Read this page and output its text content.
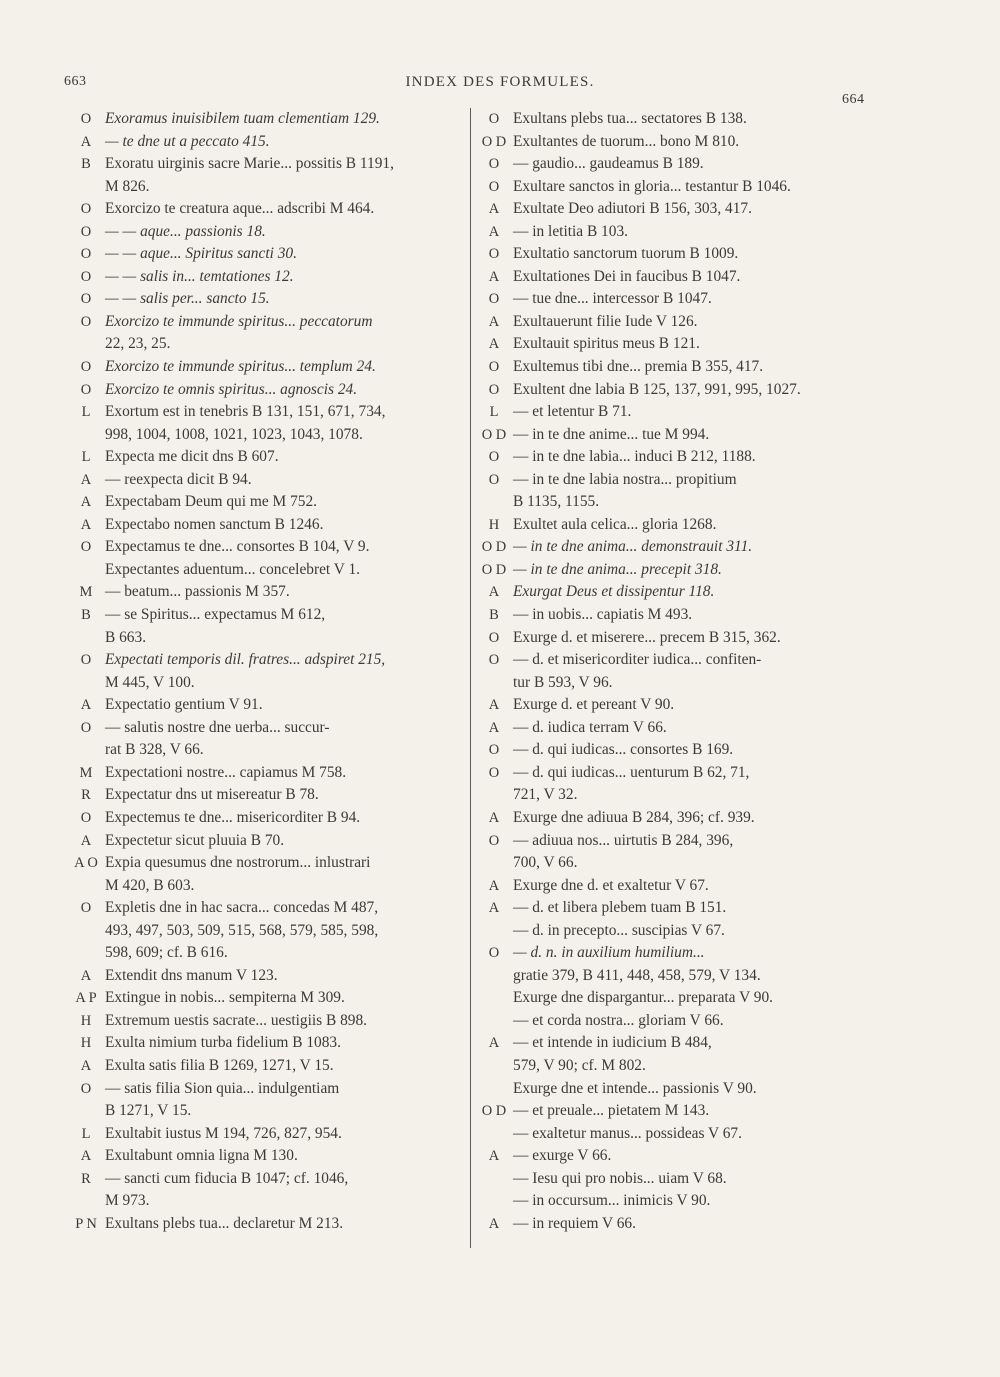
663	INDEX DES FORMULES.
664
O Exoramus inuisibilem tuam clementiam 129.
A — te dne ut a peccato 415.
B Exoratu uirginis sacre Marie... possitis B 1191,
M 826.
O Exorcizo te creatura aque... adscribi M 464.
O — — aque... passionis 18.
O — — aque... Spiritus sancti 30.
O — — salis in... temtationes 12.
O — — salis per... sancto 15.
O Exorcizo te immunde spiritus... peccatorum
22, 23, 25.
O Exorcizo te immunde spiritus... templum 24.
O Exorcizo te omnis spiritus... agnoscis 24.
L Exortum est in tenebris B 131, 151, 671, 734,
998, 1004, 1008, 1021, 1023, 1043, 1078.
L Expecta me dicit dns B 607.
A — reexpecta dicit B 94.
A Expectabam Deum qui me M 752.
A Expectabo nomen sanctum B 1246.
O Expectamus te dne... consortes B 104, V 9.
Expectantes aduentum... concelebret V 1.
M — beatum... passionis M 357.
B — se Spiritus... expectamus M 612,
B 663.
O Expectati temporis dil. fratres... adspiret 215,
M 445, V 100.
A Expectatio gentium V 91.
O — salutis nostre dne uerba... succur-
rat B 328, V 66.
M Expectationi nostre... capiamus M 758.
R Expectatur dns ut misereatur B 78.
O Expectemus te dne... misericorditer B 94.
A Expectetur sicut pluuia B 70.
A O Expia quesumus dne nostrorum... inlustrari
M 420, B 603.
O Expletis dne in hac sacra... concedas M 487,
493, 497, 503, 509, 515, 568, 579, 585, 598,
598, 609; cf. B 616.
A Extendit dns manum V 123.
A P Extingue in nobis... sempiterna M 309.
H Extremum uestis sacrate... uestigiis B 898.
H Exulta nimium turba fidelium B 1083.
A Exulta satis filia B 1269, 1271, V 15.
O — satis filia Sion quia... indulgentiam
B 1271, V 15.
L Exultabit iustus M 194, 726, 827, 954.
A Exultabunt omnia ligna M 130.
R — sancti cum fiducia B 1047; cf. 1046,
M 973.
P N Exultans plebs tua... declaretur M 213.
O Exultans plebs tua... sectatores B 138.
O D Exultantes de tuorum... bono M 810.
O — gaudio... gaudeamus B 189.
O Exultare sanctos in gloria... testantur B 1046.
A Exultate Deo adiutori B 156, 303, 417.
A — in letitia B 103.
O Exultatio sanctorum tuorum B 1009.
A Exultationes Dei in faucibus B 1047.
O — tue dne... intercessor B 1047.
A Exultauerunt filie Iude V 126.
A Exultauit spiritus meus B 121.
O Exultemus tibi dne... premia B 355, 417.
O Exultent dne labia B 125, 137, 991, 995, 1027.
L — et letentur B 71.
O D — in te dne anime... tue M 994.
O — in te dne labia... induci B 212, 1188.
O — in te dne labia nostra... propitium
B 1135, 1155.
H Exultet aula celica... gloria 1268.
O D — in te dne anima... demonstrauit 311.
O D — in te dne anima... precepit 318.
A Exurgat Deus et dissipentur 118.
B — in uobis... capiatis M 493.
O Exurge d. et miserere... precem B 315, 362.
O — d. et misericorditer iudica... confiten-
tur B 593, V 96.
A Exurge d. et pereant V 90.
A — d. iudica terram V 66.
O — d. qui iudicas... consortes B 169.
O — d. qui iudicas... uenturum B 62, 71,
721, V 32.
A Exurge dne adiuua B 284, 396; cf. 939.
O — adiuua nos... uirtutis B 284, 396,
700, V 66.
A Exurge dne d. et exaltetur V 67.
A — d. et libera plebem tuam B 151.
— d. in precepto... suscipias V 67.
O — d. n. in auxilium humilium...
gratie 379, B 411, 448, 458, 579, V 134.
Exurge dne dispargantur... preparata V 90.
— et corda nostra... gloriam V 66.
A — et intende in iudicium B 484,
579, V 90; cf. M 802.
Exurge dne et intende... passionis V 90.
O D — et preuale... pietatem M 143.
— exaltetur manus... possideas V 67.
A — exurge V 66.
— Iesu qui pro nobis... uiam V 68.
— in occursum... inimicis V 90.
A — in requiem V 66.
